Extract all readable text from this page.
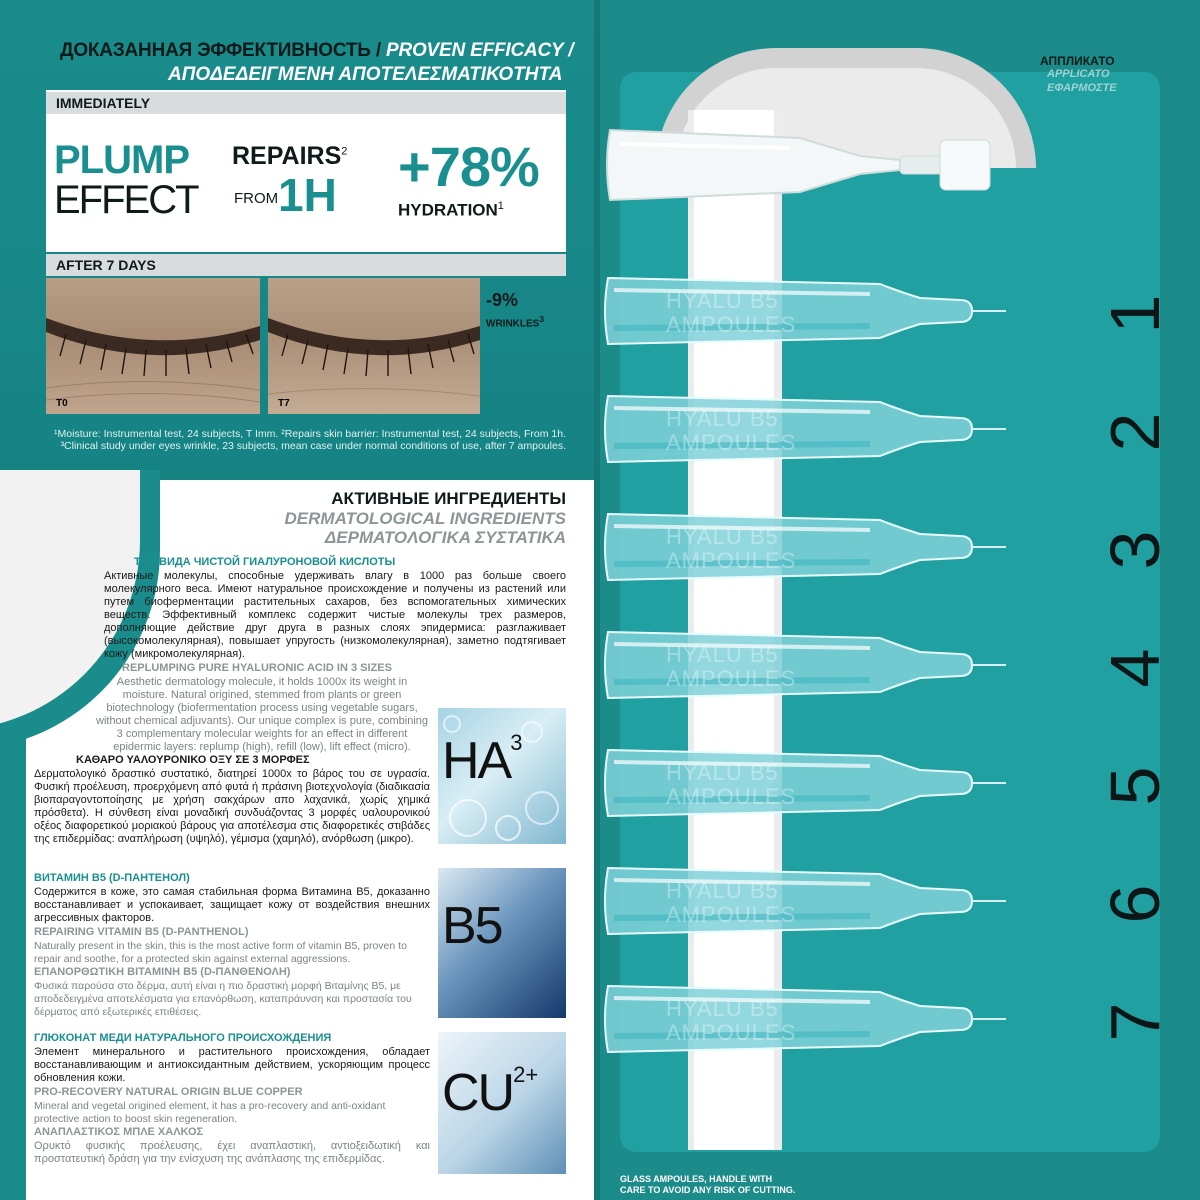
ДОКАЗАННАЯ ЭФФЕКТИВНОСТЬ / PROVEN EFFICACY /
ΑΠΟΔΕΔΕΙΓΜΕΝΗ ΑΠΟΤΕΛΕΣΜΑΤΙΚΟΤΗΤΑ
IMMEDIATELY
PLUMP
EFFECT
REPAIRS$^2$
FROM 1H +78%
HYDRATION$^1$
AFTER 7 DAYS
T0	T7
-9%
WRINKLES$^3$
¹Moisture: Instrumental test, 24 subjects, T Imm. ²Repairs skin barrier: Instrumental test, 24 subjects, From 1h. ³Clinical study under eyes wrinkle, 23 subjects, mean case under normal conditions of use, after 7 ampoules.
АКТИВНЫЕ ИНГРЕДИЕНТЫ
DERMATOLOGICAL INGREDIENTS
ΔΕΡΜΑΤΟΛΟΓΙΚΑ ΣΥΣΤΑΤΙΚΑ
ТРИ ВИДА ЧИСТОЙ ГИАЛУРОНОВОЙ КИСЛОТЫ
Активные молекулы, способные удерживать влагу в 1000 раз больше своего молекулярного веса. Имеют натуральное происхождение и получены из растений или путем биоферментации растительных сахаров, без вспомогательных химических веществ. Эффективный комплекс содержит чистые молекулы трех размеров, дополняющие действие друг друга в разных слоях эпидермиса: разглаживает (высокомолекулярная), повышает упругость (низкомолекулярная), заметно подтягивает кожу (микромолекулярная).
REPLUMPING PURE HYALURONIC ACID IN 3 SIZES
Aesthetic dermatology molecule, it holds 1000x its weight in moisture. Natural origined, stemmed from plants or green biotechnology (biofermentation process using vegetable sugars, without chemical adjuvants). Our unique complex is pure, combining 3 complementary molecular weights for an effect in different epidermic layers: replump (high), refill (low), lift effect (micro).
ΚΑΘΑΡΟ ΥΑΛΟΥΡΟΝΙΚΟ ΟΞΥ ΣΕ 3 ΜΟΡΦΕΣ
Δερματολογικό δραστικό συστατικό, διατηρεί 1000x το βάρος του σε υγρασία. Φυσική προέλευση, προερχόμενη από φυτά ή πράσινη βιοτεχνολογία (διαδικασία βιοπαραγοντοποίησης με χρήση σακχάρων απο λαχανικά, χωρίς χημικά πρόσθετα). Η σύνθεση είναι μοναδική συνδυάζοντας 3 μορφές υαλουρονικού οξέος διαφορετικού μοριακού βάρους για αποτέλεσμα στις διαφορετικές στιβάδες της επιδερμίδας: αναπλήρωση (υψηλό), γέμισμα (χαμηλό), ανόρθωση (μικρο).
ВИТАМИН В5 (D-ПАНТЕНОЛ)
Содержится в коже, это самая стабильная форма Витамина В5, доказанно восстанавливает и успокаивает, защищает кожу от воздействия внешних агрессивных факторов.
REPAIRING VITAMIN B5 (D-PANTHENOL)
Naturally present in the skin, this is the most active form of vitamin B5, proven to repair and soothe, for a protected skin against external aggressions.
ΕΠΑΝΟΡΘΩΤΙΚΗ ΒΙΤΑΜΙΝΗ Β5 (D-ΠΑΝΘΕΝΟΛΗ)
Φυσικά παρούσα στο δέρμα, αυτή είναι η πιο δραστική μορφή Βιταμίνης Β5, με αποδεδειγμένα αποτελέσματα για επανόρθωση, καταπράυνση και προστασία του δέρματος από εξωτερικές επιθέσεις.
ГЛЮКОНАТ МЕДИ НАТУРАЛЬНОГО ПРОИСХОЖДЕНИЯ
Элемент минерального и растительного происхождения, обладает восстанавливающим и антиоксидантным действием, ускоряющим процесс обновления кожи.
PRO-RECOVERY NATURAL ORIGIN BLUE COPPER
Mineral and vegetal origined element, it has a pro-recovery and anti-oxidant protective action to boost skin regeneration.
ΑΝΑΠΛΑΣΤΙΚΟΣ ΜΠΛΕ ΧΑΛΚΟΣ
Ορυκτό φυσικής προέλευσης, έχει αναπλαστική, αντιοξειδωτική και προστατευτική δράση για την ενίσχυση της ανάπλασης της επιδερμίδας.
$HA^3$
B5
$CU^{2+}$
АППЛИКАТО
APPLICATO
ΕΦΑΡΜΟΣΤΕ
HYALU B5
AMPOULES	1
HYALU B5
AMPOULES	2
HYALU B5
AMPOULES	3
HYALU B5
AMPOULES	4
HYALU B5
AMPOULES	5
HYALU B5
AMPOULES	6
HYALU B5
AMPOULES	7
GLASS AMPOULES, HANDLE WITH
CARE TO AVOID ANY RISK OF CUTTING.
